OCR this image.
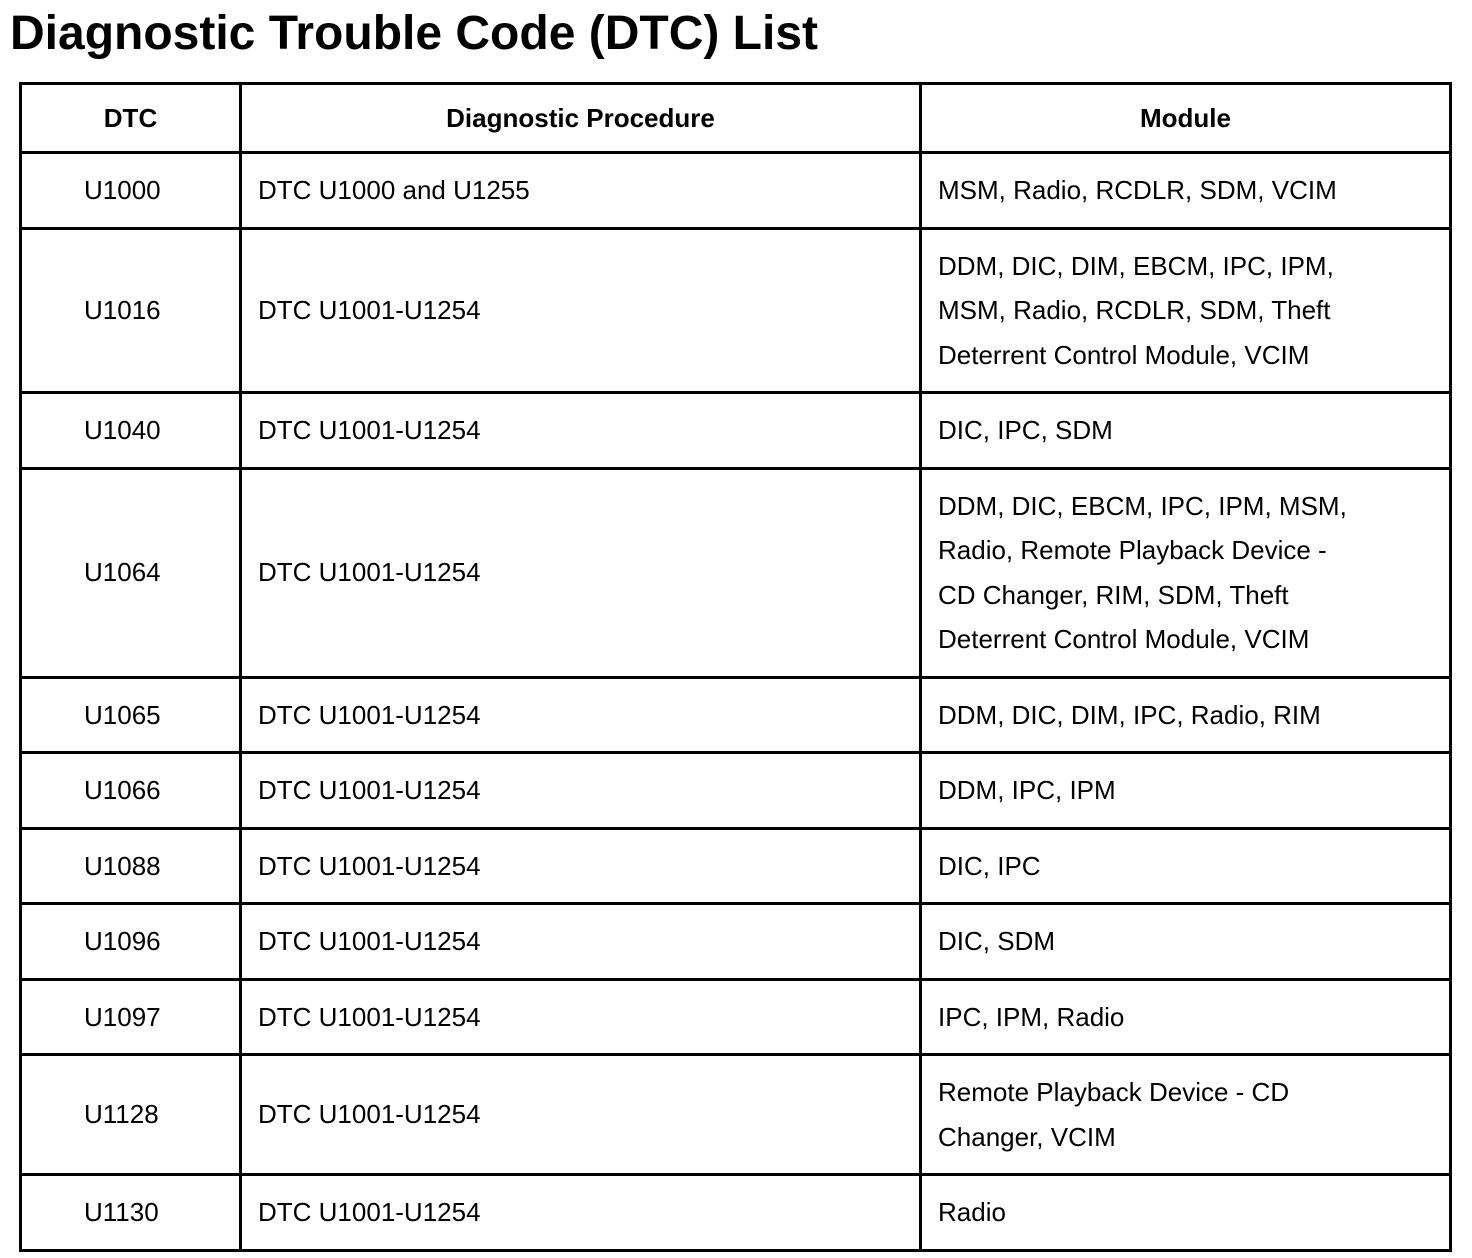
Diagnostic Trouble Code (DTC) List
DTC	Diagnostic Procedure	Module
U1000	DTC U1000 and U1255	MSM, Radio, RCDLR, SDM, VCIM

U1016	DTC U1001-U1254	DDM, DIC, DIM, EBCM, IPC, IPM,
MSM, Radio, RCDLR, SDM, Theft
Deterrent Control Module, VCIM

U1040	DTC U1001-U1254	DIC, IPC, SDM

U1064	DTC U1001-U1254	DDM, DIC, EBCM, IPC, IPM, MSM,
Radio, Remote Playback Device -
CD Changer, RIM, SDM, Theft
Deterrent Control Module, VCIM

U1065	DTC U1001-U1254	DDM, DIC, DIM, IPC, Radio, RIM

U1066	DTC U1001-U1254	DDM, IPC, IPM

U1088	DTC U1001-U1254	DIC, IPC

U1096	DTC U1001-U1254	DIC, SDM

U1097	DTC U1001-U1254	IPC, IPM, Radio

U1128	DTC U1001-U1254	Remote Playback Device - CD
Changer, VCIM

U1130	DTC U1001-U1254	Radio
